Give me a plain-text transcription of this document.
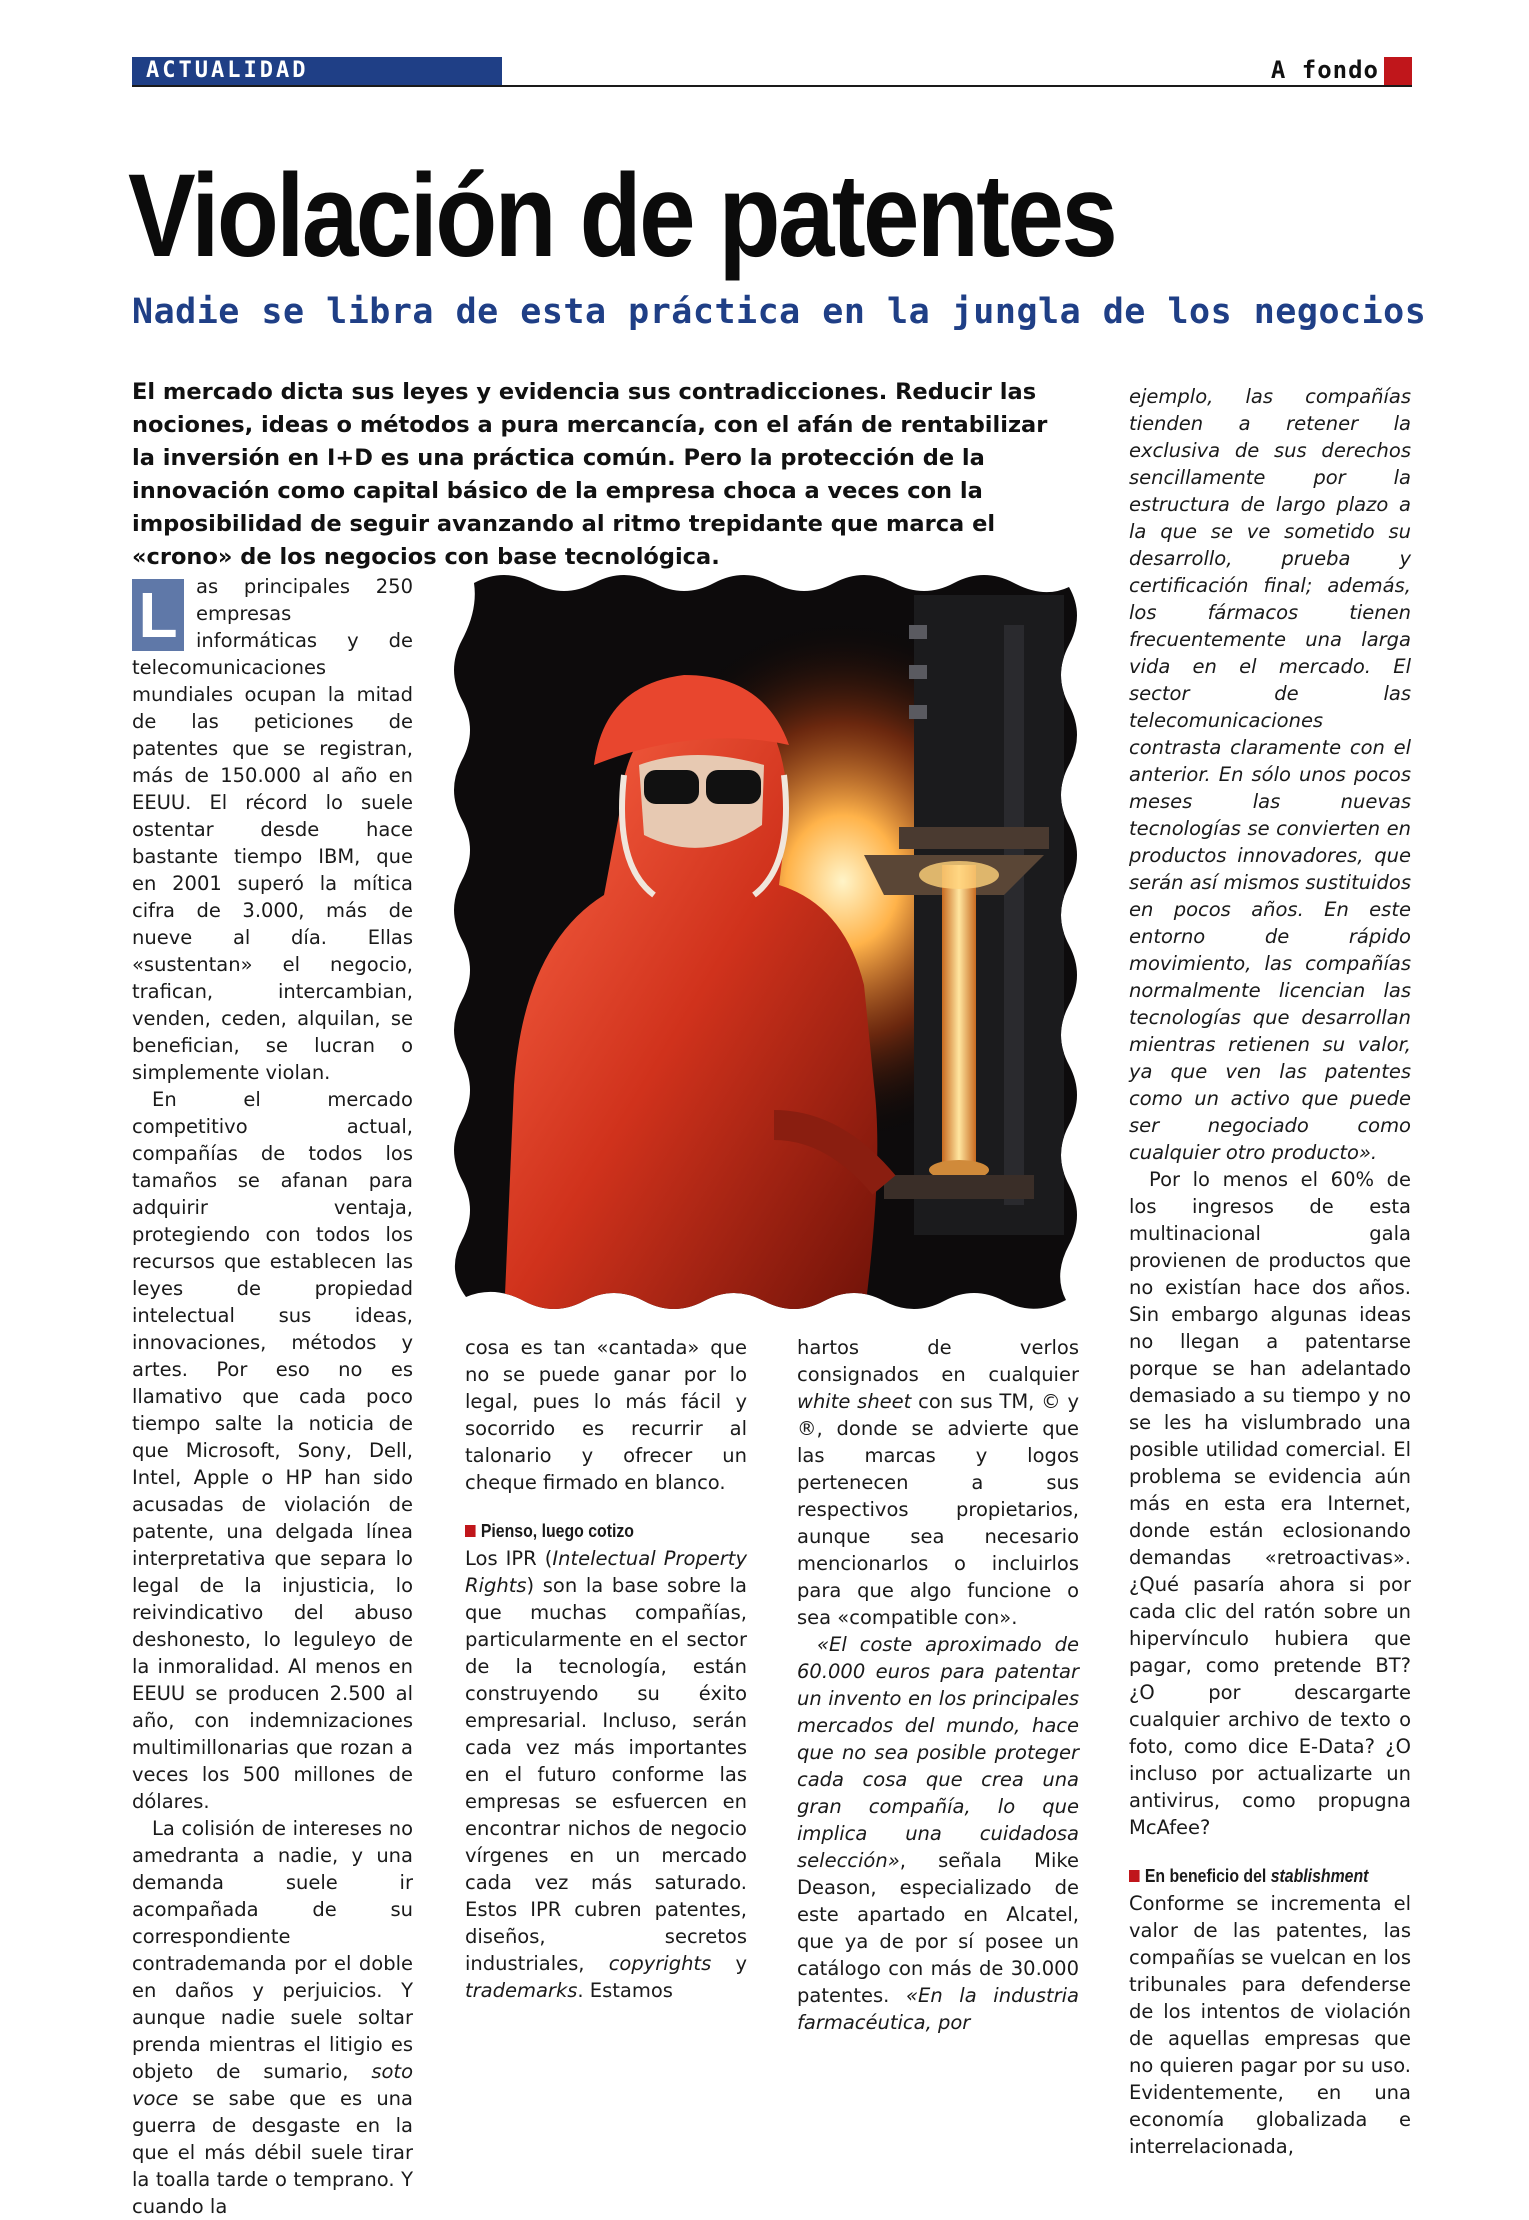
ACTUALIDAD	A fondo
Violación de patentes
Nadie se libra de esta práctica en la jungla de los negocios

El mercado dicta sus leyes y evidencia sus contradicciones. Reducir las nociones, ideas o métodos a pura mercancía, con el afán de rentabilizar la inversión en I+D es una práctica común. Pero la protección de la innovación como capital básico de la empresa choca a veces con la imposibilidad de seguir avanzando al ritmo trepidante que marca el «crono» de los negocios con base tecnológica.

L as principales 250 empresas informáticas y de telecomunicaciones mundiales ocupan la mitad de las peticiones de patentes que se registran, más de 150.000 al año en EEUU. El récord lo suele ostentar desde hace bastante tiempo IBM, que en 2001 superó la mítica cifra de 3.000, más de nueve al día. Ellas «sustentan» el negocio, trafican, intercambian, venden, ceden, alquilan, se benefician, se lucran o simplemente violan.

En el mercado competitivo actual, compañías de todos los tamaños se afanan para adquirir ventaja, protegiendo con todos los recursos que establecen las leyes de propiedad intelectual sus ideas, innovaciones, métodos y artes. Por eso no es llamativo que cada poco tiempo salte la noticia de que Microsoft, Sony, Dell, Intel, Apple o HP han sido acusadas de violación de patente, una delgada línea interpretativa que separa lo legal de la injusticia, lo reivindicativo del abuso deshonesto, lo leguleyo de la inmoralidad. Al menos en EEUU se producen 2.500 al año, con indemnizaciones multimillonarias que rozan a veces los 500 millones de dólares.

La colisión de intereses no amedranta a nadie, y una demanda suele ir acompañada de su correspondiente contrademanda por el doble en daños y perjuicios. Y aunque nadie suele soltar prenda mientras el litigio es objeto de sumario, soto voce se sabe que es una guerra de desgaste en la que el más débil suele tirar la toalla tarde o temprano. Y cuando la

cosa es tan «cantada» que no se puede ganar por lo legal, pues lo más fácil y socorrido es recurrir al talonario y ofrecer un cheque firmado en blanco.

Pienso, luego cotizo

Los IPR (Intelectual Property Rights) son la base sobre la que muchas compañías, particularmente en el sector de la tecnología, están construyendo su éxito empresarial. Incluso, serán cada vez más importantes en el futuro conforme las empresas se esfuercen en encontrar nichos de negocio vírgenes en un mercado cada vez más saturado. Estos IPR cubren patentes, diseños, secretos industriales, copyrights y trademarks. Estamos

hartos de verlos consignados en cualquier white sheet con sus TM, © y ®, donde se advierte que las marcas y logos pertenecen a sus respectivos propietarios, aunque sea necesario mencionarlos o incluirlos para que algo funcione o sea «compatible con».

«El coste aproximado de 60.000 euros para patentar un invento en los principales mercados del mundo, hace que no sea posible proteger cada cosa que crea una gran compañía, lo que implica una cuidadosa selección», señala Mike Deason, especializado de este apartado en Alcatel, que ya de por sí posee un catálogo con más de 30.000 patentes. «En la industria farmacéutica, por

ejemplo, las compañías tienden a retener la exclusiva de sus derechos sencillamente por la estructura de largo plazo a la que se ve sometido su desarrollo, prueba y certificación final; además, los fármacos tienen frecuentemente una larga vida en el mercado. El sector de las telecomunicaciones contrasta claramente con el anterior. En sólo unos pocos meses las nuevas tecnologías se convierten en productos innovadores, que serán así mismos sustituidos en pocos años. En este entorno de rápido movimiento, las compañías normalmente licencian las tecnologías que desarrollan mientras retienen su valor, ya que ven las patentes como un activo que puede ser negociado como cualquier otro producto».

Por lo menos el 60% de los ingresos de esta multinacional gala provienen de productos que no existían hace dos años. Sin embargo algunas ideas no llegan a patentarse porque se han adelantado demasiado a su tiempo y no se les ha vislumbrado una posible utilidad comercial. El problema se evidencia aún más en esta era Internet, donde están eclosionando demandas «retroactivas». ¿Qué pasaría ahora si por cada clic del ratón sobre un hipervínculo hubiera que pagar, como pretende BT? ¿O por descargarte cualquier archivo de texto o foto, como dice E-Data? ¿O incluso por actualizarte un antivirus, como propugna McAfee?

En beneficio del stablishment

Conforme se incrementa el valor de las patentes, las compañías se vuelcan en los tribunales para defenderse de los intentos de violación de aquellas empresas que no quieren pagar por su uso. Evidentemente, en una economía globalizada e interrelacionada,
